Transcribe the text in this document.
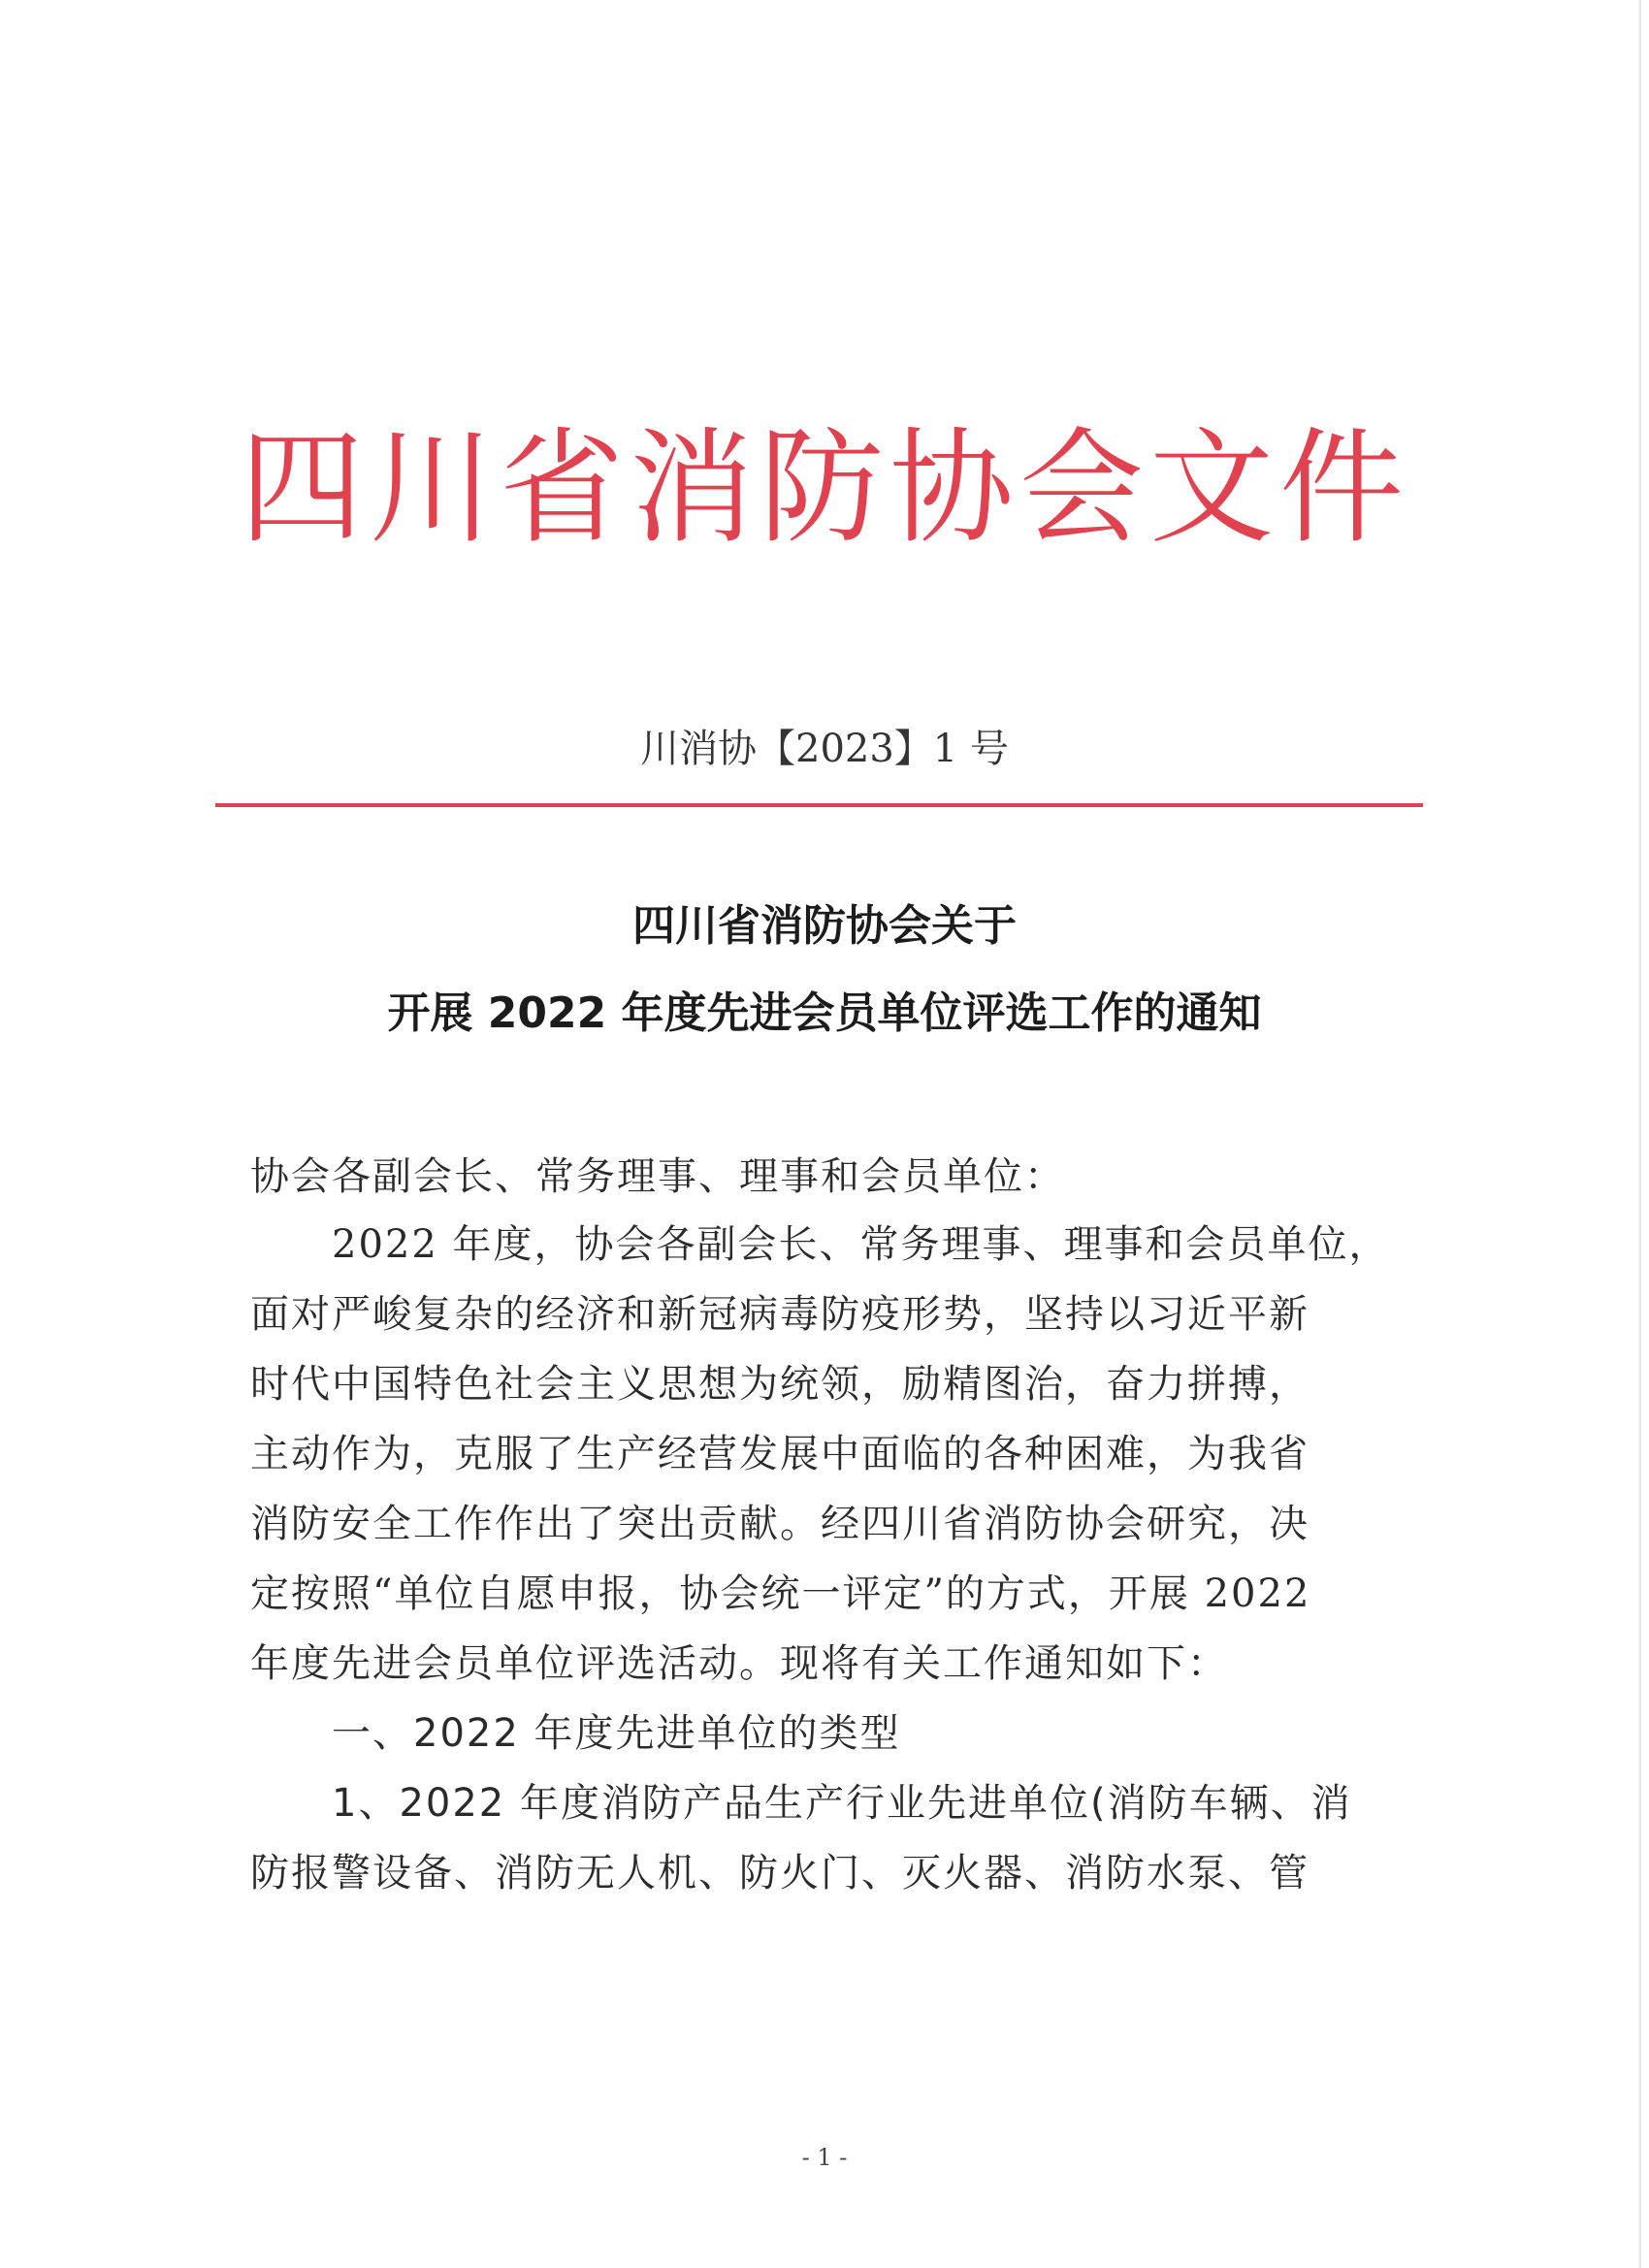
四川省消防协会文件
川消协【2023】1 号
四川省消防协会关于
开展 2022 年度先进会员单位评选工作的通知
协会各副会长、常务理事、理事和会员单位：
　　2022 年度，协会各副会长、常务理事、理事和会员单位，
面对严峻复杂的经济和新冠病毒防疫形势，坚持以习近平新
时代中国特色社会主义思想为统领，励精图治，奋力拼搏，
主动作为，克服了生产经营发展中面临的各种困难，为我省
消防安全工作作出了突出贡献。经四川省消防协会研究，决
定按照“单位自愿申报，协会统一评定”的方式，开展 2022
年度先进会员单位评选活动。现将有关工作通知如下：
　　一、2022 年度先进单位的类型
　　1、2022 年度消防产品生产行业先进单位(消防车辆、消
防报警设备、消防无人机、防火门、灭火器、消防水泵、管
- 1 -
